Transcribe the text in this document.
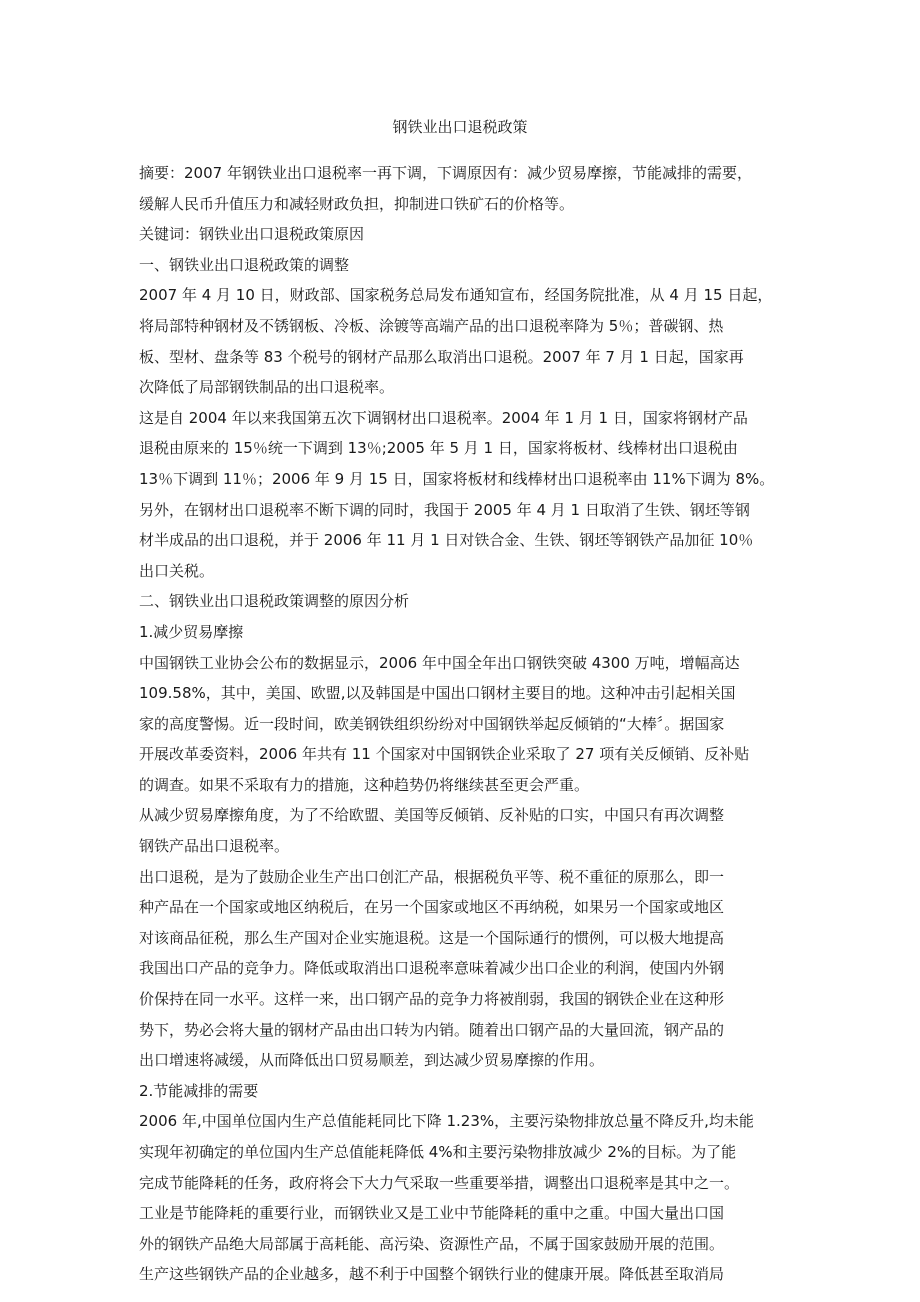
钢铁业出口退税政策
摘要：2007 年钢铁业出口退税率一再下调，下调原因有：减少贸易摩擦，节能减排的需要，
缓解人民币升值压力和减轻财政负担，抑制进口铁矿石的价格等。
关键词：钢铁业出口退税政策原因
一、钢铁业出口退税政策的调整
2007 年 4 月 10 日，财政部、国家税务总局发布通知宣布，经国务院批准，从 4 月 15 日起，
将局部特种钢材及不锈钢板、冷板、涂镀等高端产品的出口退税率降为 5％；普碳钢、热
板、型材、盘条等 83 个税号的钢材产品那么取消出口退税。2007 年 7 月 1 日起，国家再
次降低了局部钢铁制品的出口退税率。
这是自 2004 年以来我国第五次下调钢材出口退税率。2004 年 1 月 1 日，国家将钢材产品
退税由原来的 15％统一下调到 13％;2005 年 5 月 1 日，国家将板材、线棒材出口退税由
13％下调到 11％；2006 年 9 月 15 日，国家将板材和线棒材出口退税率由 11%下调为 8%。
另外，在钢材出口退税率不断下调的同时，我国于 2005 年 4 月 1 日取消了生铁、钢坯等钢
材半成品的出口退税，并于 2006 年 11 月 1 日对铁合金、生铁、钢坯等钢铁产品加征 10％
出口关税。
二、钢铁业出口退税政策调整的原因分析
1.减少贸易摩擦
中国钢铁工业协会公布的数据显示，2006 年中国全年出口钢铁突破 4300 万吨，增幅高达
109.58%，其中，美国、欧盟,以及韩国是中国出口钢材主要目的地。这种冲击引起相关国
家的高度警惕。近一段时间，欧美钢铁组织纷纷对中国钢铁举起反倾销的“大棒〞。据国家
开展改革委资料，2006 年共有 11 个国家对中国钢铁企业采取了 27 项有关反倾销、反补贴
的调查。如果不采取有力的措施，这种趋势仍将继续甚至更会严重。
从减少贸易摩擦角度，为了不给欧盟、美国等反倾销、反补贴的口实，中国只有再次调整
钢铁产品出口退税率。
出口退税，是为了鼓励企业生产出口创汇产品，根据税负平等、税不重征的原那么，即一
种产品在一个国家或地区纳税后，在另一个国家或地区不再纳税，如果另一个国家或地区
对该商品征税，那么生产国对企业实施退税。这是一个国际通行的惯例，可以极大地提高
我国出口产品的竞争力。降低或取消出口退税率意味着减少出口企业的利润，使国内外钢
价保持在同一水平。这样一来，出口钢产品的竞争力将被削弱，我国的钢铁企业在这种形
势下，势必会将大量的钢材产品由出口转为内销。随着出口钢产品的大量回流，钢产品的
出口增速将减缓，从而降低出口贸易顺差，到达减少贸易摩擦的作用。
2.节能减排的需要
2006 年,中国单位国内生产总值能耗同比下降 1.23%，主要污染物排放总量不降反升,均未能
实现年初确定的单位国内生产总值能耗降低 4%和主要污染物排放减少 2%的目标。为了能
完成节能降耗的任务，政府将会下大力气采取一些重要举措，调整出口退税率是其中之一。
工业是节能降耗的重要行业，而钢铁业又是工业中节能降耗的重中之重。中国大量出口国
外的钢铁产品绝大局部属于高耗能、高污染、资源性产品，不属于国家鼓励开展的范围。
生产这些钢铁产品的企业越多，越不利于中国整个钢铁行业的健康开展。降低甚至取消局
